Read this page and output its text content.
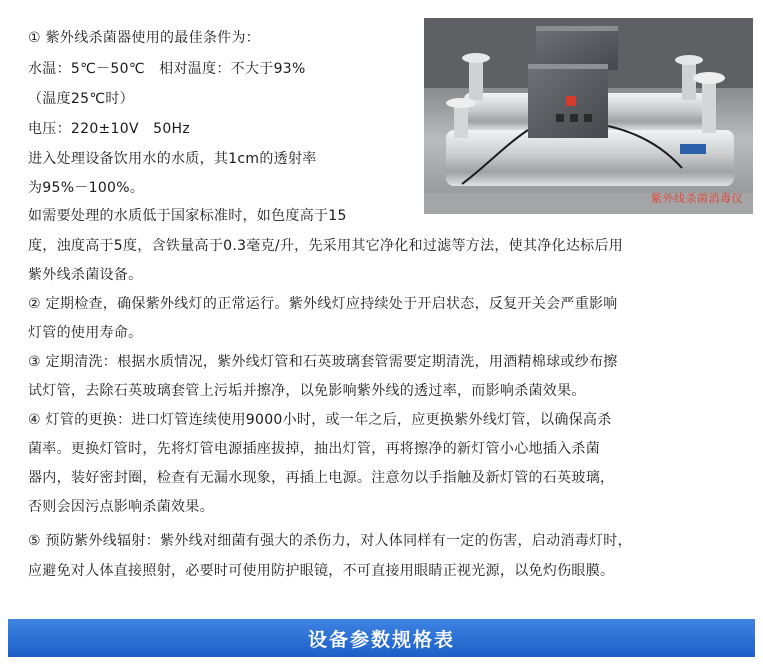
① 紫外线杀菌器使用的最佳条件为：
水温：5℃－50℃　相对温度：不大于93%
（温度25℃时）
电压：220±10V　50Hz
进入处理设备饮用水的水质，其1cm的透射率
为95%－100%。
如需要处理的水质低于国家标准时，如色度高于15
度，浊度高于5度，含铁量高于0.3毫克/升，先采用其它净化和过滤等方法，使其净化达标后用
紫外线杀菌设备。
② 定期检查，确保紫外线灯的正常运行。紫外线灯应持续处于开启状态，反复开关会严重影响
灯管的使用寿命。
③ 定期清洗：根据水质情况，紫外线灯管和石英玻璃套管需要定期清洗，用酒精棉球或纱布擦
试灯管，去除石英玻璃套管上污垢并擦净，以免影响紫外线的透过率，而影响杀菌效果。
④ 灯管的更换：进口灯管连续使用9000小时，或一年之后，应更换紫外线灯管，以确保高杀
菌率。更换灯管时，先将灯管电源插座拔掉，抽出灯管，再将擦净的新灯管小心地插入杀菌
器内，装好密封圈，检查有无漏水现象，再插上电源。注意勿以手指触及新灯管的石英玻璃，
否则会因污点影响杀菌效果。
⑤ 预防紫外线辐射：紫外线对细菌有强大的杀伤力，对人体同样有一定的伤害，启动消毒灯时，
应避免对人体直接照射，必要时可使用防护眼镜，不可直接用眼睛正视光源，以免灼伤眼膜。
紫外线杀菌消毒仪
设备参数规格表
